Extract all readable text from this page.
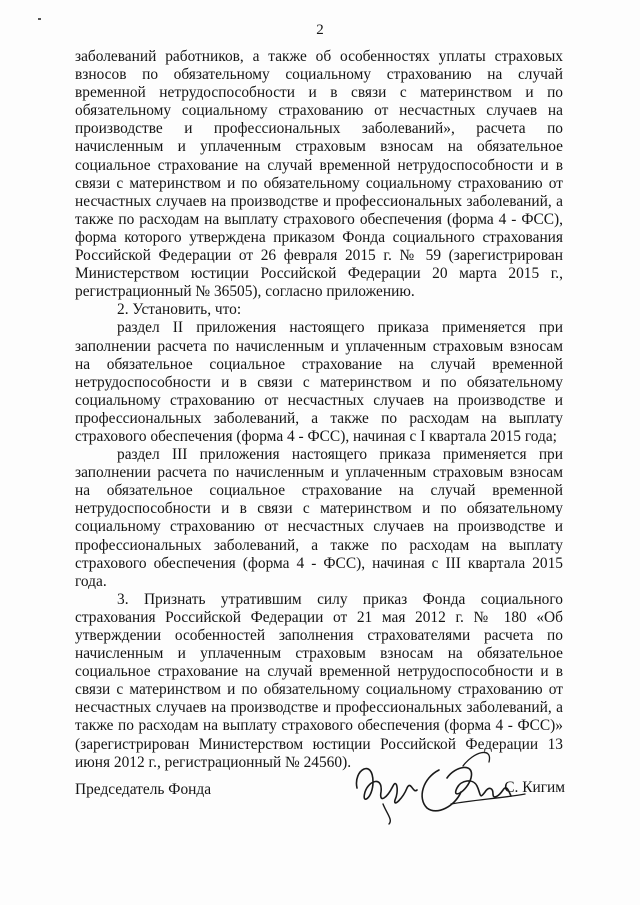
2

заболеваний работников, а также об особенностях уплаты страховых взносов по обязательному социальному страхованию на случай временной нетрудоспособности и в связи с материнством и по обязательному социальному страхованию от несчастных случаев на производстве и профессиональных заболеваний», расчета по начисленным и уплаченным страховым взносам на обязательное социальное страхование на случай временной нетрудоспособности и в связи с материнством и по обязательному социальному страхованию от несчастных случаев на производстве и профессиональных заболеваний, а также по расходам на выплату страхового обеспечения (форма 4 - ФСС), форма которого утверждена приказом Фонда социального страхования Российской Федерации от 26 февраля 2015 г. № 59 (зарегистрирован Министерством юстиции Российской Федерации 20 марта 2015 г., регистрационный № 36505), согласно приложению.

2. Установить, что:

раздел II приложения настоящего приказа применяется при заполнении расчета по начисленным и уплаченным страховым взносам на обязательное социальное страхование на случай временной нетрудоспособности и в связи с материнством и по обязательному социальному страхованию от несчастных случаев на производстве и профессиональных заболеваний, а также по расходам на выплату страхового обеспечения (форма 4 - ФСС), начиная с I квартала 2015 года;

раздел III приложения настоящего приказа применяется при заполнении расчета по начисленным и уплаченным страховым взносам на обязательное социальное страхование на случай временной нетрудоспособности и в связи с материнством и по обязательному социальному страхованию от несчастных случаев на производстве и профессиональных заболеваний, а также по расходам на выплату страхового обеспечения (форма 4 - ФСС), начиная с III квартала 2015 года.

3. Признать утратившим силу приказ Фонда социального страхования Российской Федерации от 21 мая 2012 г. № 180 «Об утверждении особенностей заполнения страхователями расчета по начисленным и уплаченным страховым взносам на обязательное социальное страхование на случай временной нетрудоспособности и в связи с материнством и по обязательному социальному страхованию от несчастных случаев на производстве и профессиональных заболеваний, а также по расходам на выплату страхового обеспечения (форма 4 - ФСС)» (зарегистрирован Министерством юстиции Российской Федерации 13 июня 2012 г., регистрационный № 24560).

Председатель Фонда	С. Кигим
